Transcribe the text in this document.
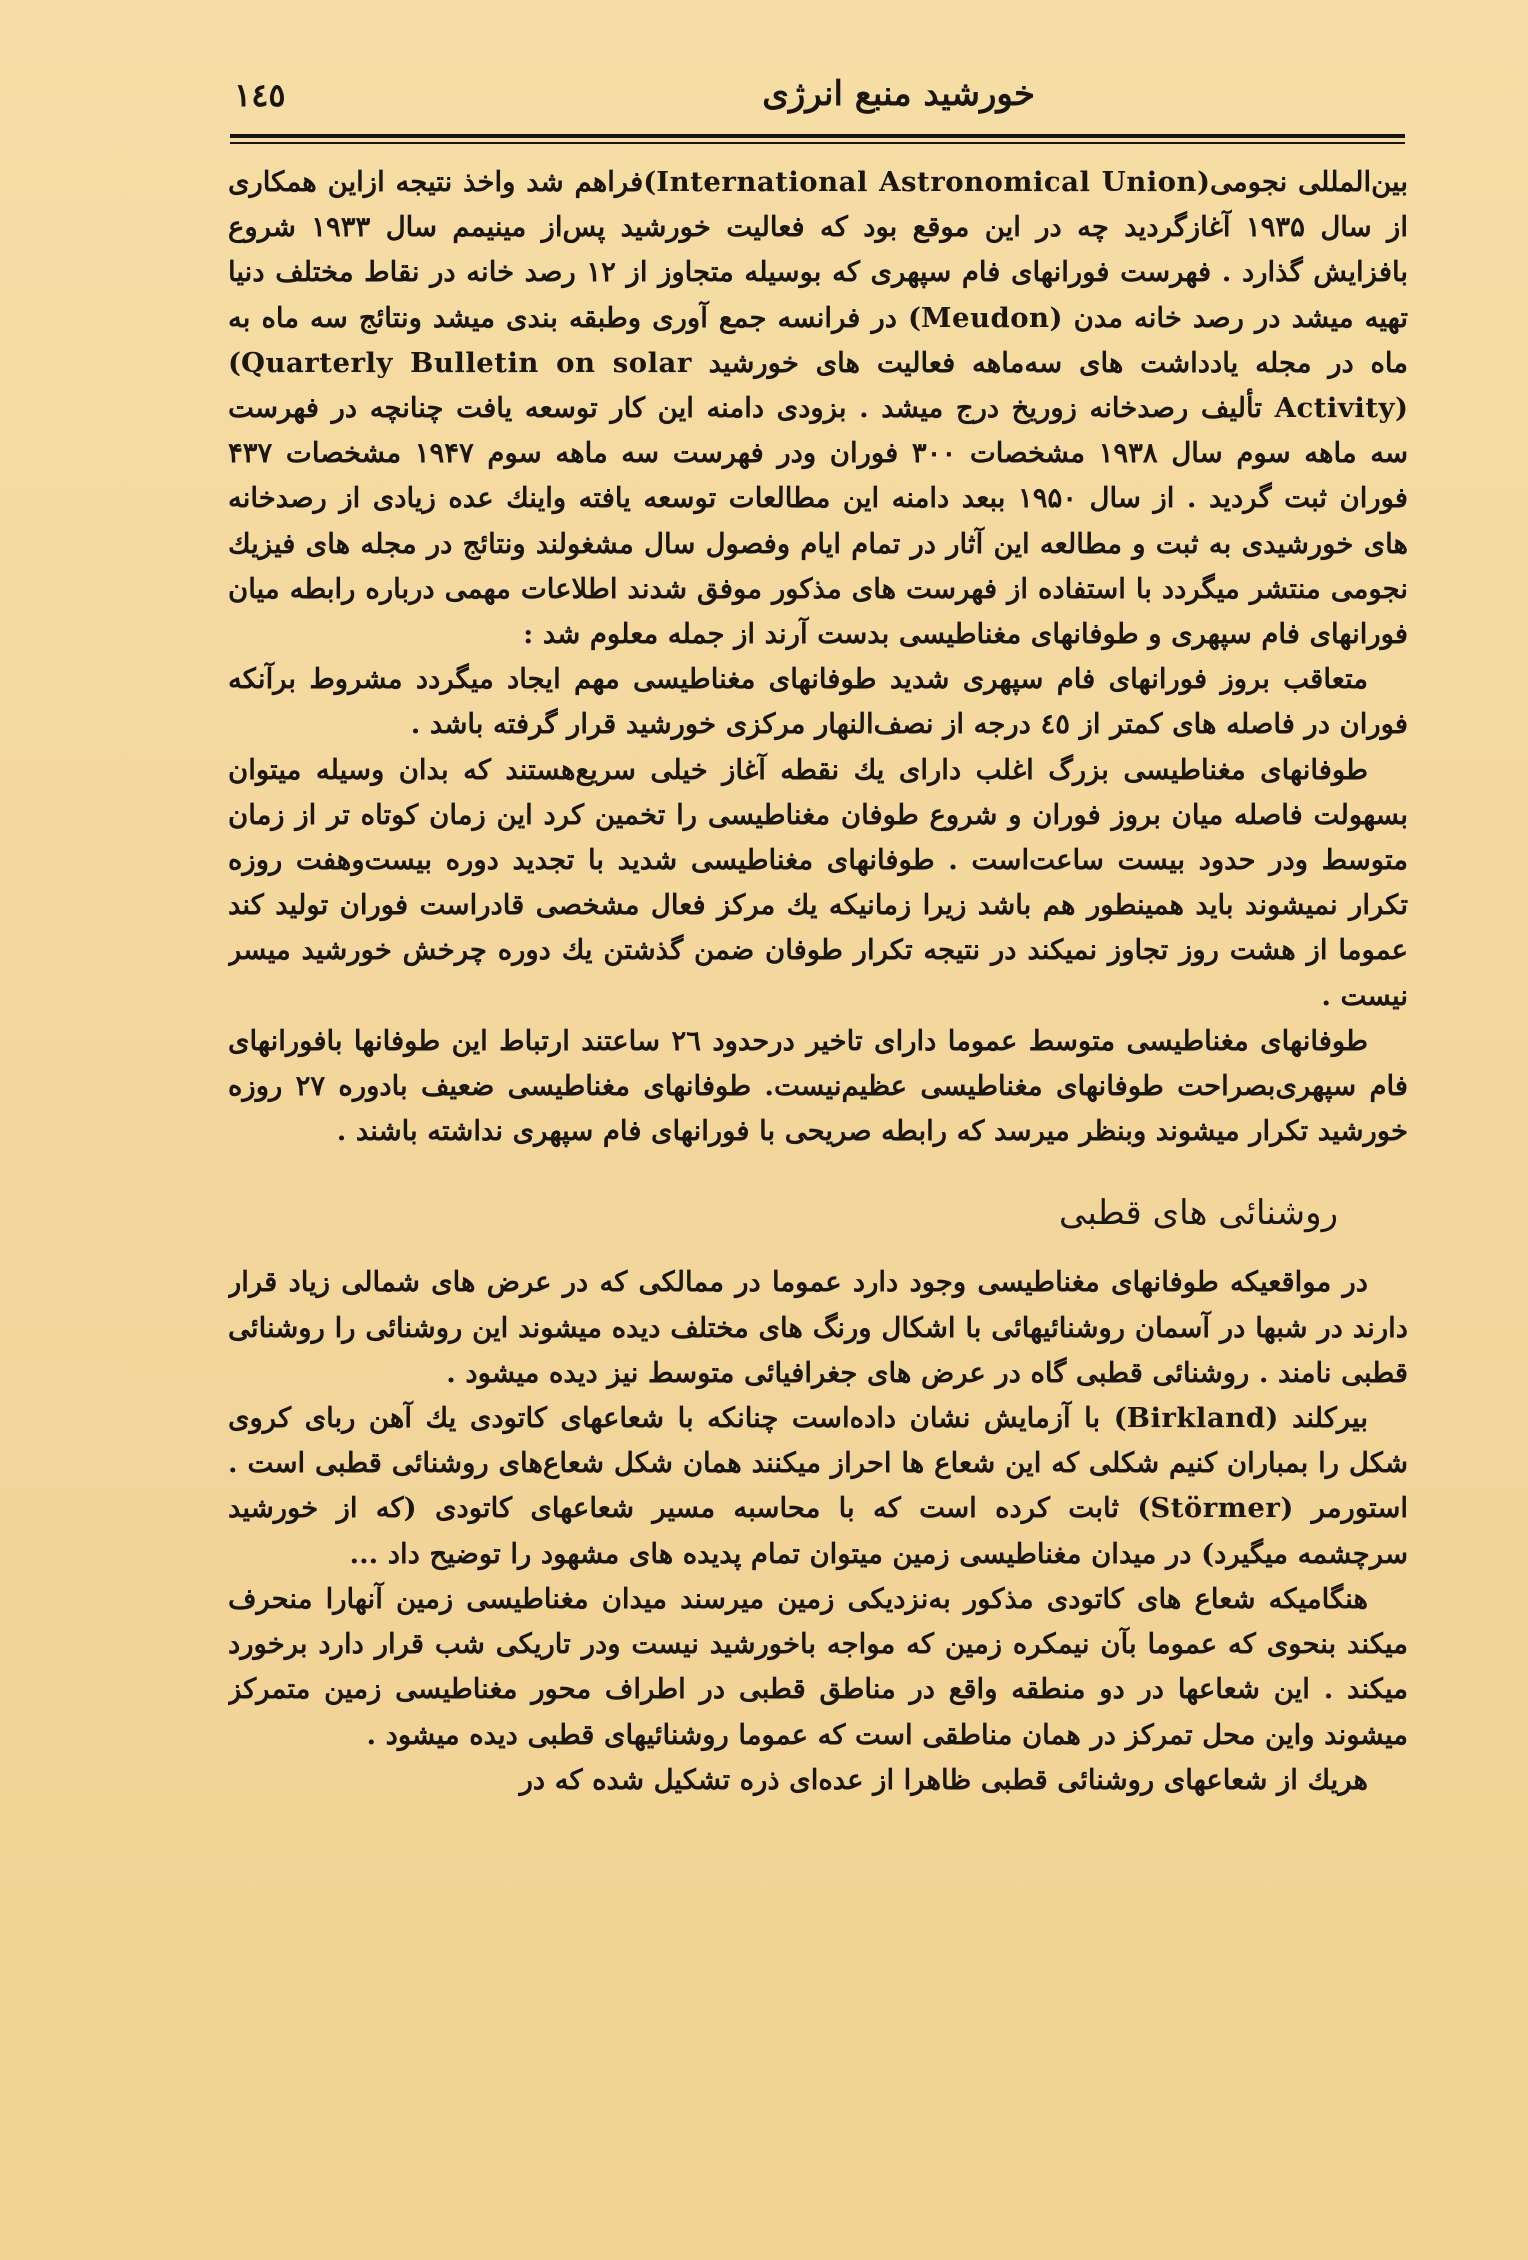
خورشید منبع انرژی
١٤٥

بین‌المللی نجومی(International Astronomical Union)فراهم شد واخذ نتیجه ازاین همکاری از سال ۱۹۳۵ آغازگردید چه در این موقع بود که فعالیت خورشید پس‌از مینیمم سال ۱۹۳۳ شروع بافزایش گذارد . فهرست فورانهای فام سپهری که بوسیله متجاوز از ۱۲ رصد خانه در نقاط مختلف دنیا تهیه میشد در رصد خانه مدن (Meudon) در فرانسه جمع آوری وطبقه بندی میشد ونتائج سه ماه به ماه در مجله یادداشت های سه‌ماهه فعالیت های خورشید (Quarterly Bulletin on solar Activity) تألیف رصدخانه زوریخ درج میشد . بزودی دامنه این کار توسعه یافت چنانچه در فهرست سه ماهه سوم سال ۱۹۳۸ مشخصات ۳۰۰ فوران ودر فهرست سه ماهه سوم ۱۹۴۷ مشخصات ۴۳۷ فوران ثبت گردید . از سال ۱۹۵۰ ببعد دامنه این مطالعات توسعه یافته واینك عده زیادی از رصدخانه های خورشیدی به ثبت و مطالعه این آثار در تمام ایام وفصول سال مشغولند ونتائج در مجله های فیزیك نجومی منتشر میگردد با استفاده از فهرست های مذکور موفق شدند اطلاعات مهمی درباره رابطه میان فورانهای فام سپهری و طوفانهای مغناطیسی بدست آرند از جمله معلوم شد :

متعاقب بروز فورانهای فام سپهری شدید طوفانهای مغناطیسی مهم ایجاد میگردد مشروط برآنکه فوران در فاصله های کمتر از ٤٥ درجه از نصف‌النهار مرکزی خورشید قرار گرفته باشد .

طوفانهای مغناطیسی بزرگ اغلب دارای یك نقطه آغاز خیلی سریع‌هستند که بدان وسیله میتوان بسهولت فاصله میان بروز فوران و شروع طوفان مغناطیسی را تخمین کرد این زمان کوتاه تر از زمان متوسط ودر حدود بیست ساعت‌است . طوفانهای مغناطیسی شدید با تجدید دوره بیست‌وهفت روزه تکرار نمیشوند باید همینطور هم باشد زیرا زمانیکه یك مرکز فعال مشخصی قادراست فوران تولید کند عموما از هشت روز تجاوز نمیکند در نتیجه تکرار طوفان ضمن گذشتن یك دوره چرخش خورشید میسر نیست .

طوفانهای مغناطیسی متوسط عموما دارای تاخیر درحدود ٢٦ ساعتند ارتباط این طوفانها بافورانهای فام سپهری‌بصراحت طوفانهای مغناطیسی عظیم‌نیست. طوفانهای مغناطیسی ضعیف بادوره ۲۷ روزه خورشید تکرار میشوند وبنظر میرسد که رابطه صریحی با فورانهای فام سپهری نداشته باشند .

روشنائی های قطبی

در مواقعیکه طوفانهای مغناطیسی وجود دارد عموما در ممالکی که در عرض های شمالی زیاد قرار دارند در شبها در آسمان روشنائیهائی با اشکال ورنگ های مختلف دیده میشوند این روشنائی را روشنائی قطبی نامند . روشنائی قطبی گاه در عرض های جغرافیائی متوسط نیز دیده میشود .

بیرکلند (Birkland) با آزمایش نشان داده‌است چنانکه با شعاعهای کاتودی یك آهن ربای کروی شکل را بمباران کنیم شکلی که این شعاع ها احراز میکنند همان شکل شعاع‌های روشنائی قطبی است . استورمر (Störmer) ثابت کرده است که با محاسبه مسیر شعاعهای کاتودی (که از خورشید سرچشمه میگیرد) در میدان مغناطیسی زمین میتوان تمام پدیده های مشهود را توضیح داد ...

هنگامیکه شعاع های کاتودی مذکور به‌نزدیکی زمین میرسند میدان مغناطیسی زمین آنهارا منحرف میکند بنحوی که عموما بآن نیمکره زمین که مواجه باخورشید نیست ودر تاریکی شب قرار دارد برخورد میکند . این شعاعها در دو منطقه واقع در مناطق قطبی در اطراف محور مغناطیسی زمین متمرکز میشوند واین محل تمرکز در همان مناطقی است که عموما روشنائیهای قطبی دیده میشود .

هریك از شعاعهای روشنائی قطبی ظاهرا از عده‌ای ذره تشکیل شده که در
